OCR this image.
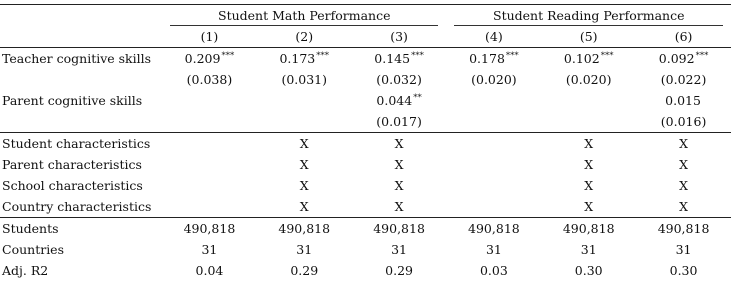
	Student Math Performance			Student Reading Performance		

	(1)	(2)	(3)	(4)	(5)	(6)
Teacher cognitive skills	0.209***	0.173***	0.145***	0.178***	0.102***	0.092***
	(0.038)	(0.031)	(0.032)	(0.020)	(0.020)	(0.022)
Parent cognitive skills			0.044**			0.015
			(0.017)			(0.016)
Student characteristics		X	X		X	X
Parent characteristics		X	X		X	X
School characteristics		X	X		X	X
Country characteristics		X	X		X	X
Students	490,818	490,818	490,818	490,818	490,818	490,818
Countries	31	31	31	31	31	31
Adj. R2	0.04	0.29	0.29	0.03	0.30	0.30
